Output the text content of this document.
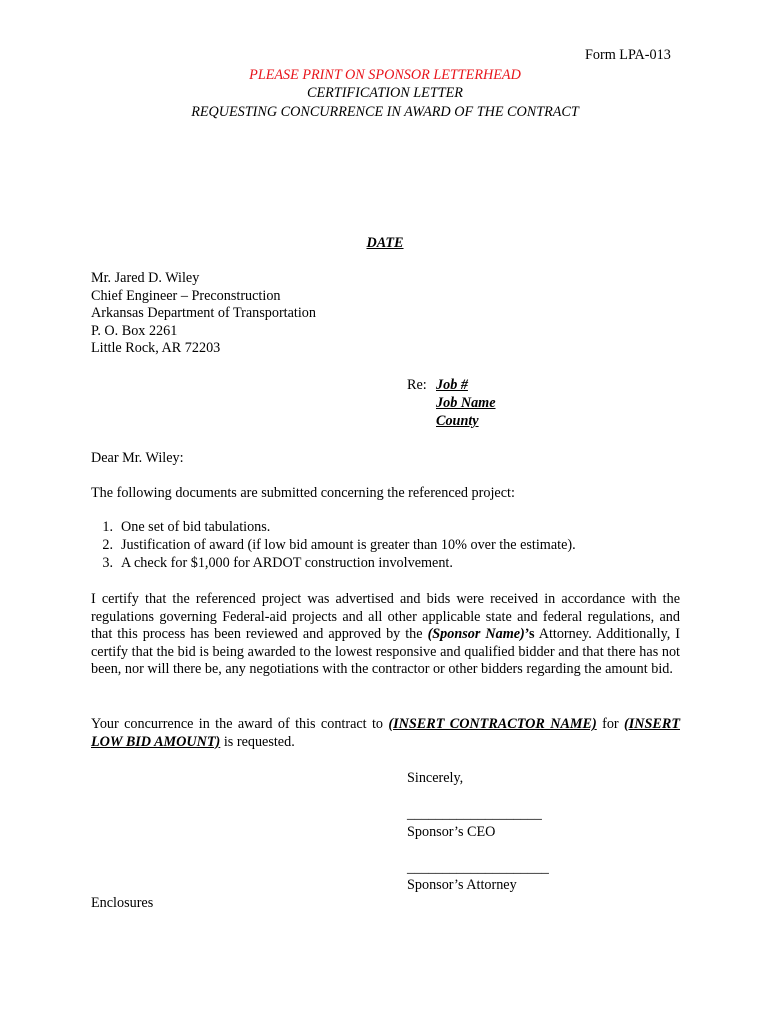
Form LPA-013
PLEASE PRINT ON SPONSOR LETTERHEAD
CERTIFICATION LETTER
REQUESTING CONCURRENCE IN AWARD OF THE CONTRACT
DATE
Mr. Jared D. Wiley
Chief Engineer – Preconstruction
Arkansas Department of Transportation
P. O. Box 2261
Little Rock, AR 72203
Re: Job #
Job Name
County
Dear Mr. Wiley:
The following documents are submitted concerning the referenced project:
1. One set of bid tabulations.
2. Justification of award (if low bid amount is greater than 10% over the estimate).
3. A check for $1,000 for ARDOT construction involvement.
I certify that the referenced project was advertised and bids were received in accordance with the regulations governing Federal-aid projects and all other applicable state and federal regulations, and that this process has been reviewed and approved by the (Sponsor Name)’s Attorney. Additionally, I certify that the bid is being awarded to the lowest responsive and qualified bidder and that there has not been, nor will there be, any negotiations with the contractor or other bidders regarding the amount bid.
Your concurrence in the award of this contract to (INSERT CONTRACTOR NAME) for (INSERT LOW BID AMOUNT) is requested.
Sincerely,
___________________
Sponsor’s CEO
____________________
Sponsor’s Attorney
Enclosures
